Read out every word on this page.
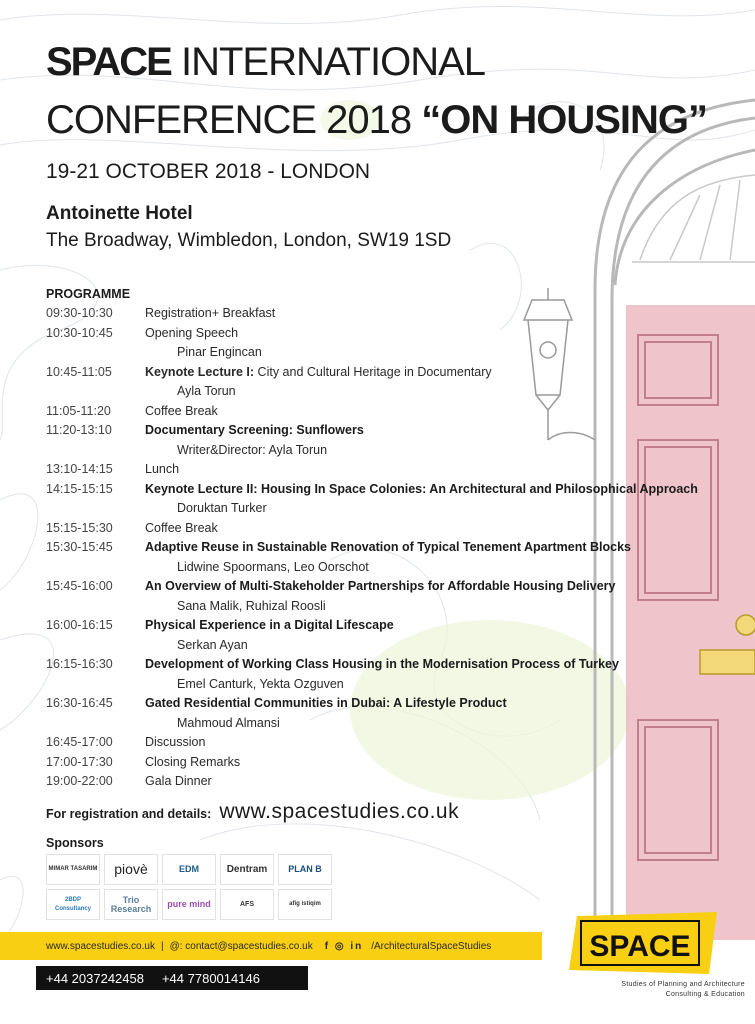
SPACE INTERNATIONAL
CONFERENCE 2018 “ON HOUSING”
19-21 OCTOBER 2018 - LONDON
Antoinette Hotel
The Broadway, Wimbledon, London, SW19 1SD
PROGRAMME
09:30-10:30	Registration+ Breakfast
10:30-10:45	Opening Speech
Pinar Engincan
10:45-11:05	Keynote Lecture I: City and Cultural Heritage in Documentary
Ayla Torun
11:05-11:20	Coffee Break
11:20-13:10	Documentary Screening: Sunflowers
Writer&Director: Ayla Torun
13:10-14:15	Lunch
14:15-15:15	Keynote Lecture II: Housing In Space Colonies: An Architectural and Philosophical Approach
Doruktan Turker
15:15-15:30	Coffee Break
15:30-15:45	Adaptive Reuse in Sustainable Renovation of Typical Tenement Apartment Blocks
Lidwine Spoormans, Leo Oorschot
15:45-16:00	An Overview of Multi-Stakeholder Partnerships for Affordable Housing Delivery
Sana Malik, Ruhizal Roosli
16:00-16:15	Physical Experience in a Digital Lifescape
Serkan Ayan
16:15-16:30	Development of Working Class Housing in the Modernisation Process of Turkey
Emel Canturk, Yekta Ozguven
16:30-16:45	Gated Residential Communities in Dubai: A Lifestyle Product
Mahmoud Almansi
16:45-17:00	Discussion
17:00-17:30	Closing Remarks
19:00-22:00	Gala Dinner
For registration and details: www.spacestudies.co.uk
Sponsors
MIMAR TASARIM	piovè	EDM	Dentram	PLAN B
2BDP Consultancy
Trio Research	pure mind	AFS	afig istiqim
www.spacestudies.co.uk | @: contact@spacestudies.co.uk f ◎ in /ArchitecturalSpaceStudies
+44 2037242458 +44 7780014146
SPACE
Studies of Planning and Architecture
Consulting & Education
